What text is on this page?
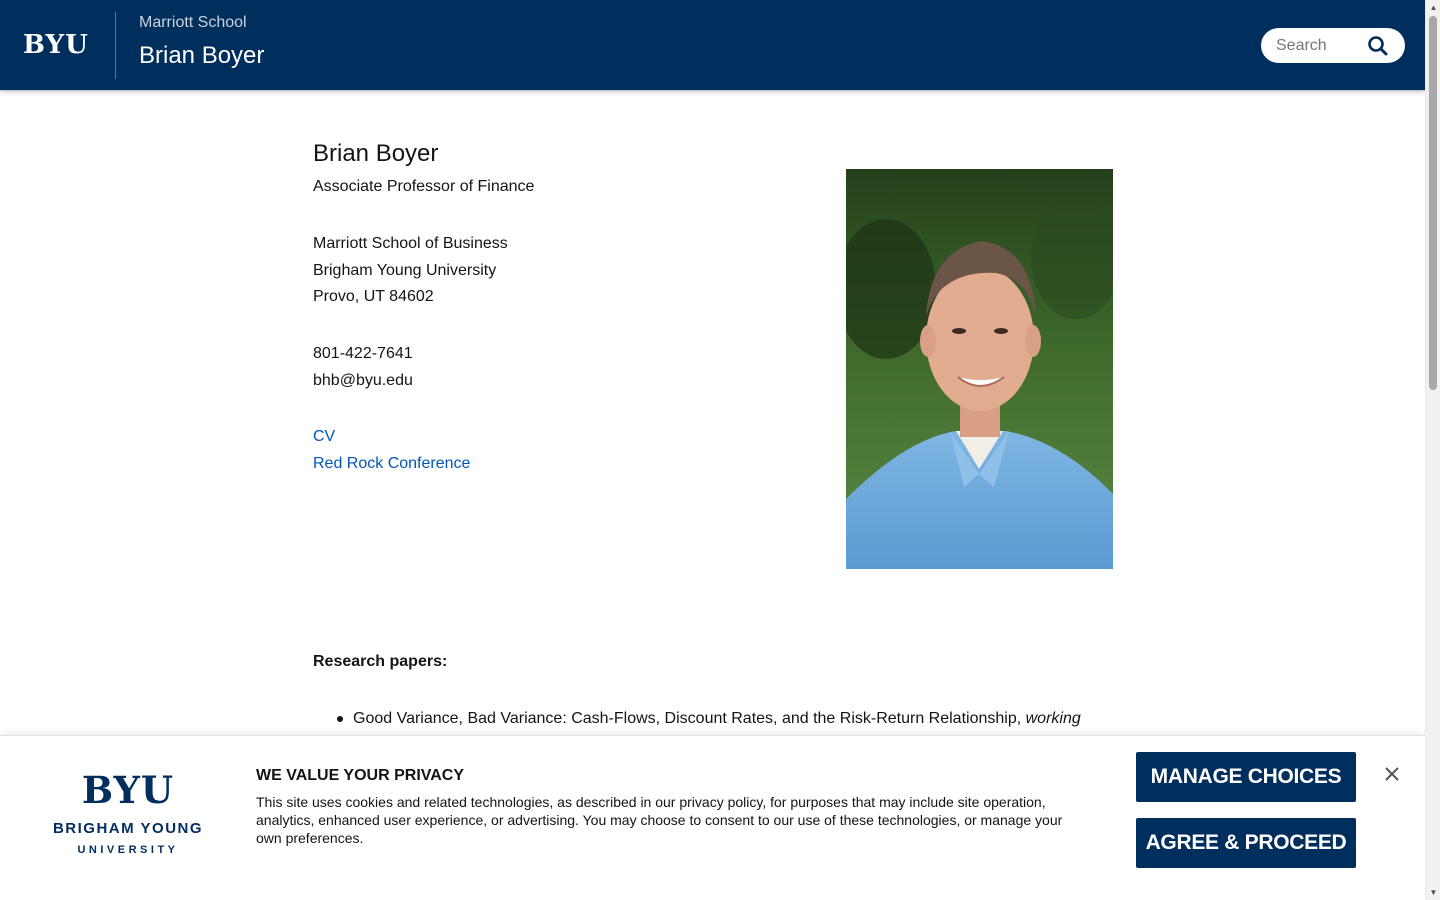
BYU
Marriott School
Brian Boyer
Search
Brian Boyer
Associate Professor of Finance
Marriott School of Business
Brigham Young University
Provo, UT 84602
801-422-7641
bhb@byu.edu
CV
Red Rock Conference
Research papers:
Good Variance, Bad Variance: Cash-Flows, Discount Rates, and the Risk-Return Relationship, working
BYU
BRIGHAM YOUNG
UNIVERSITY
WE VALUE YOUR PRIVACY
This site uses cookies and related technologies, as described in our privacy policy, for purposes that may include site operation, analytics, enhanced user experience, or advertising. You may choose to consent to our use of these technologies, or manage your own preferences.
MANAGE CHOICES
AGREE & PROCEED
▲
▼
